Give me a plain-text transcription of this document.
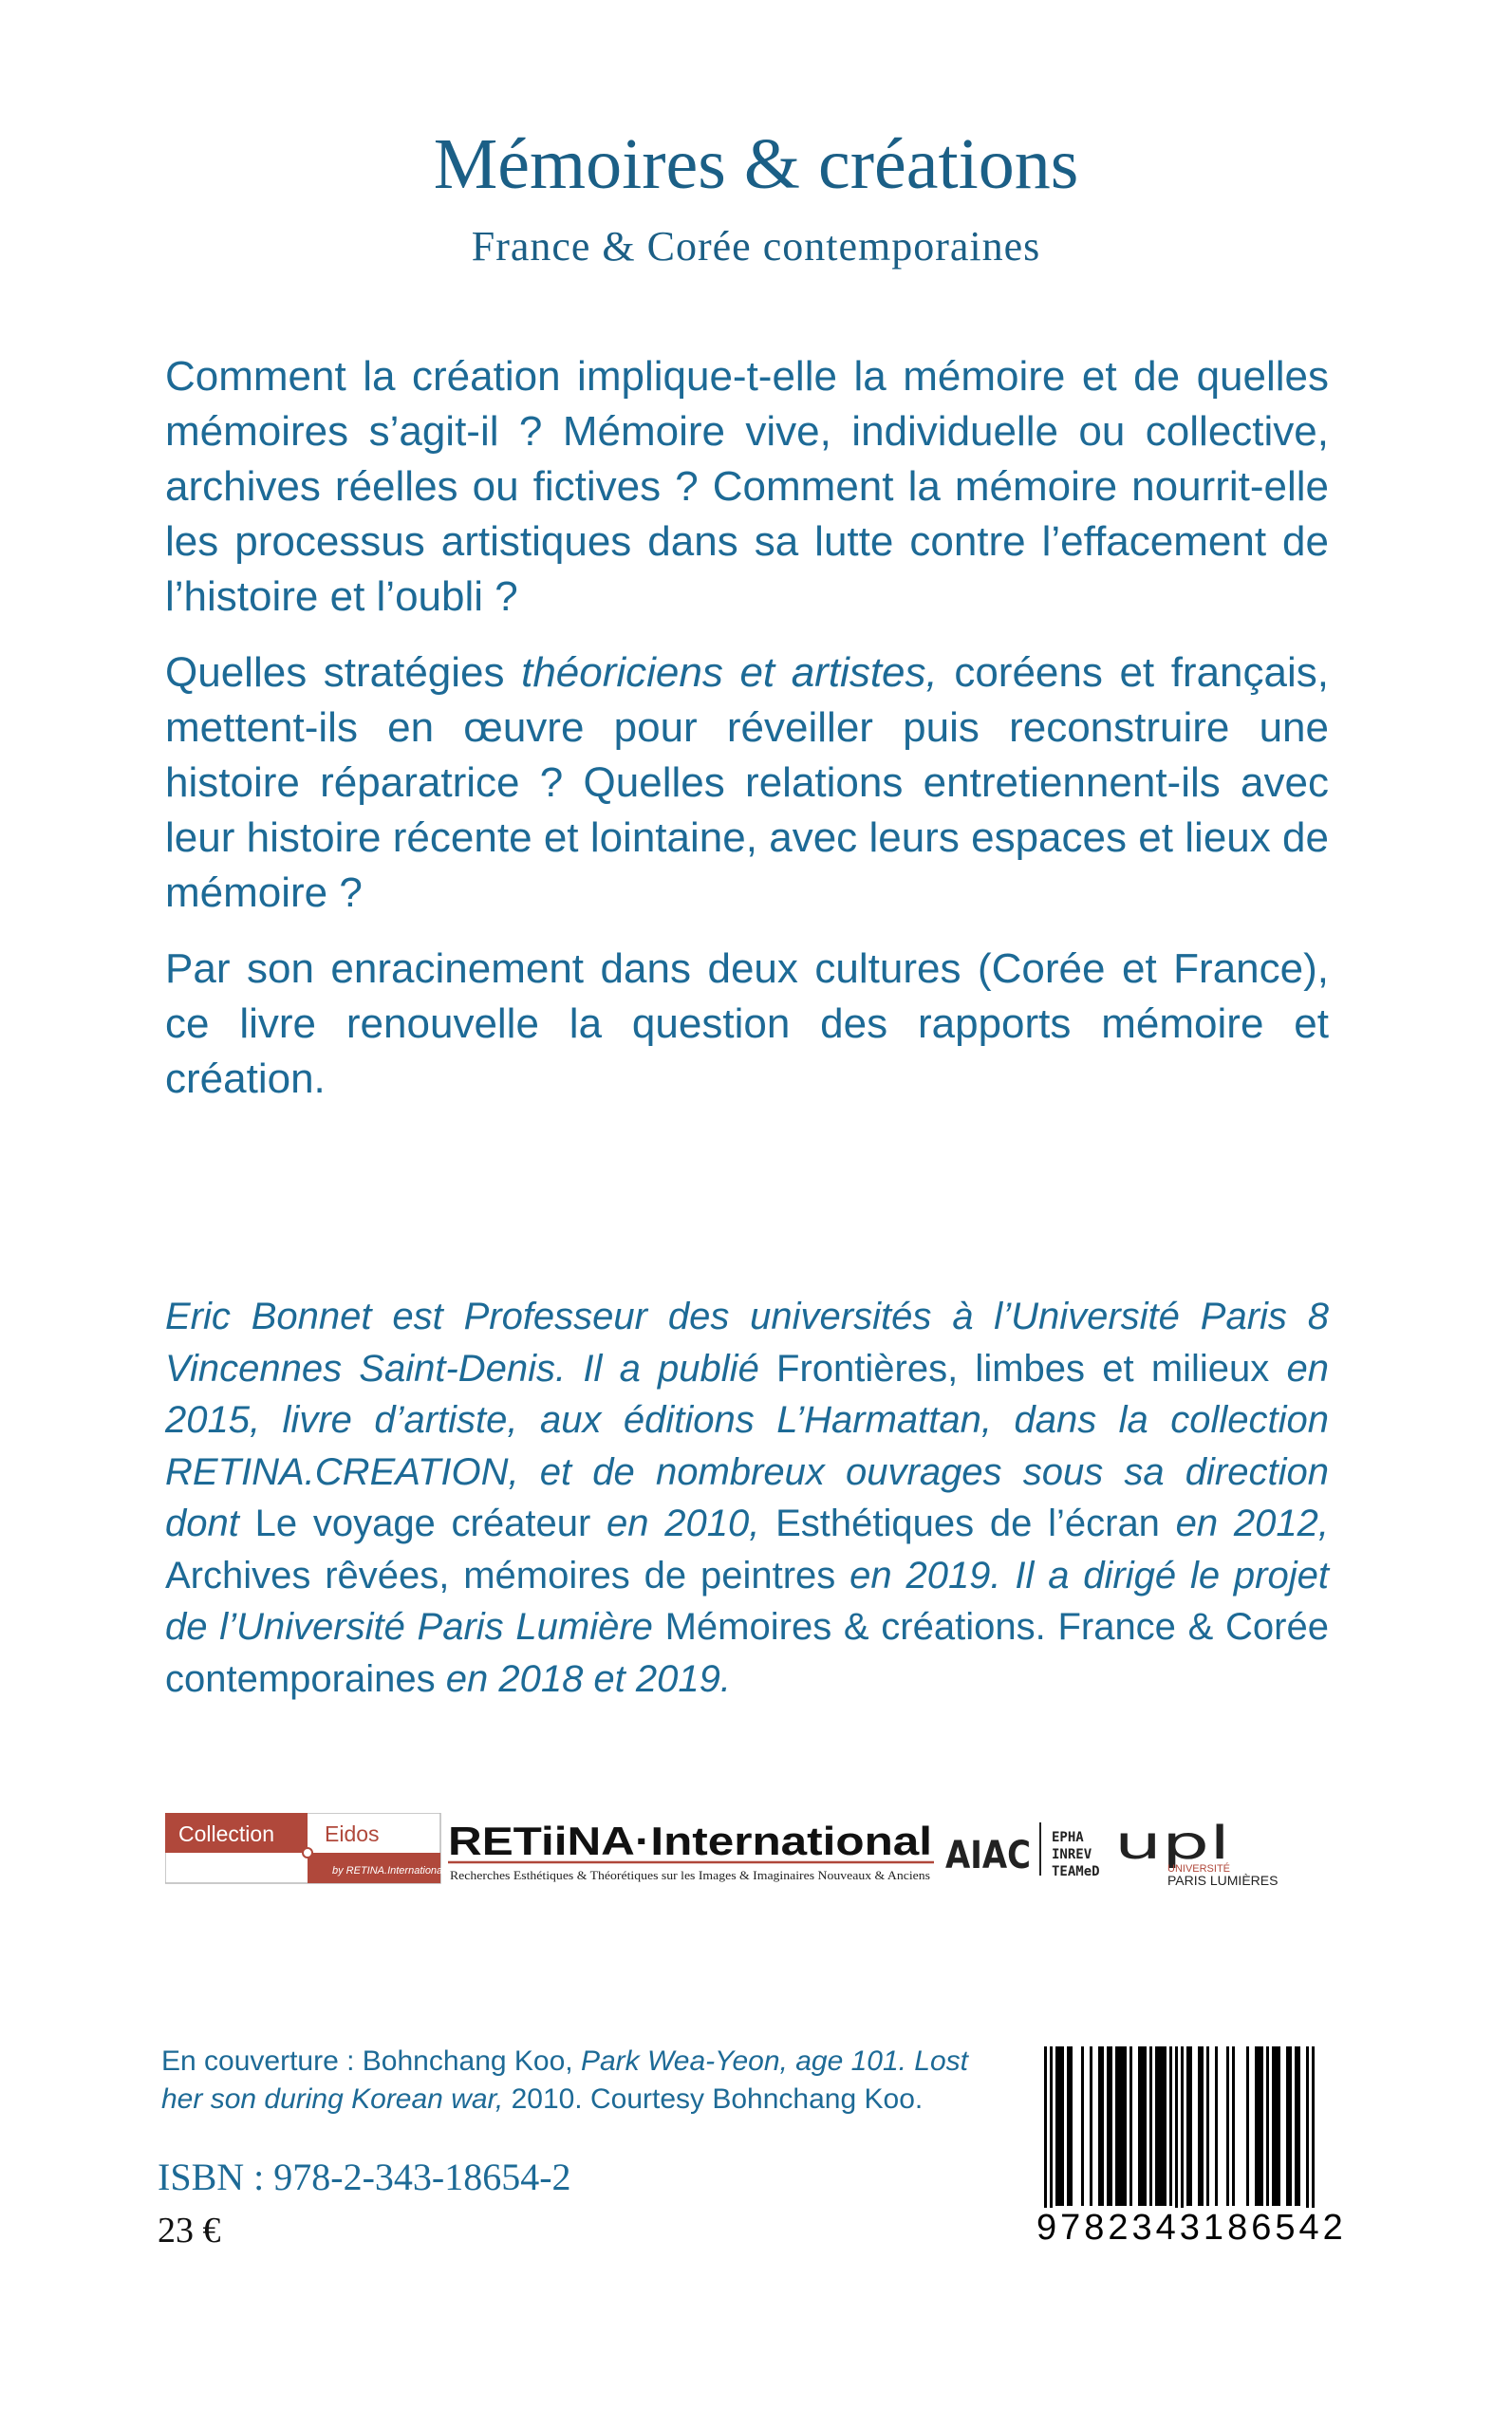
Mémoires & créations
France & Corée contemporaines

Comment la création implique-t-elle la mémoire et de quelles mémoires s’agit-il ? Mémoire vive, individuelle ou collective, archives réelles ou fictives ? Comment la mémoire nourrit-elle les processus artistiques dans sa lutte contre l’effacement de l’histoire et l’oubli ?

Quelles stratégies théoriciens et artistes, coréens et français, mettent-ils en œuvre pour réveiller puis reconstruire une histoire réparatrice ? Quelles relations entretiennent-ils avec leur histoire récente et lointaine, avec leurs espaces et lieux de mémoire ?

Par son enracinement dans deux cultures (Corée et France), ce livre renouvelle la question des rapports mémoire et création.

Eric Bonnet est Professeur des universités à l’Université Paris 8 Vincennes Saint-Denis. Il a publié Frontières, limbes et milieux en 2015, livre d’artiste, aux éditions L’Harmattan, dans la collection RETINA.CREATION, et de nombreux ouvrages sous sa direction dont Le voyage créateur en 2010, Esthétiques de l’écran en 2012, Archives rêvées, mémoires de peintres en 2019. Il a dirigé le projet de l’Université Paris Lumière Mémoires & créations. France & Corée contemporaines en 2018 et 2019.

Collection Eidos
by RETINA.International
RETiiNA·International
Recherches Esthétiques & Théorétiques sur les Images & Imaginaires Nouveaux & Anciens AIAC EPHA
INREV
TEAMeD
upl
UNIVERSITÉ
PARIS LUMIÈRES
En couverture : Bohnchang Koo, Park Wea-Yeon, age 101. Lost her son during Korean war, 2010. Courtesy Bohnchang Koo.
ISBN : 978-2-343-18654-2
23 €	9782343186542
